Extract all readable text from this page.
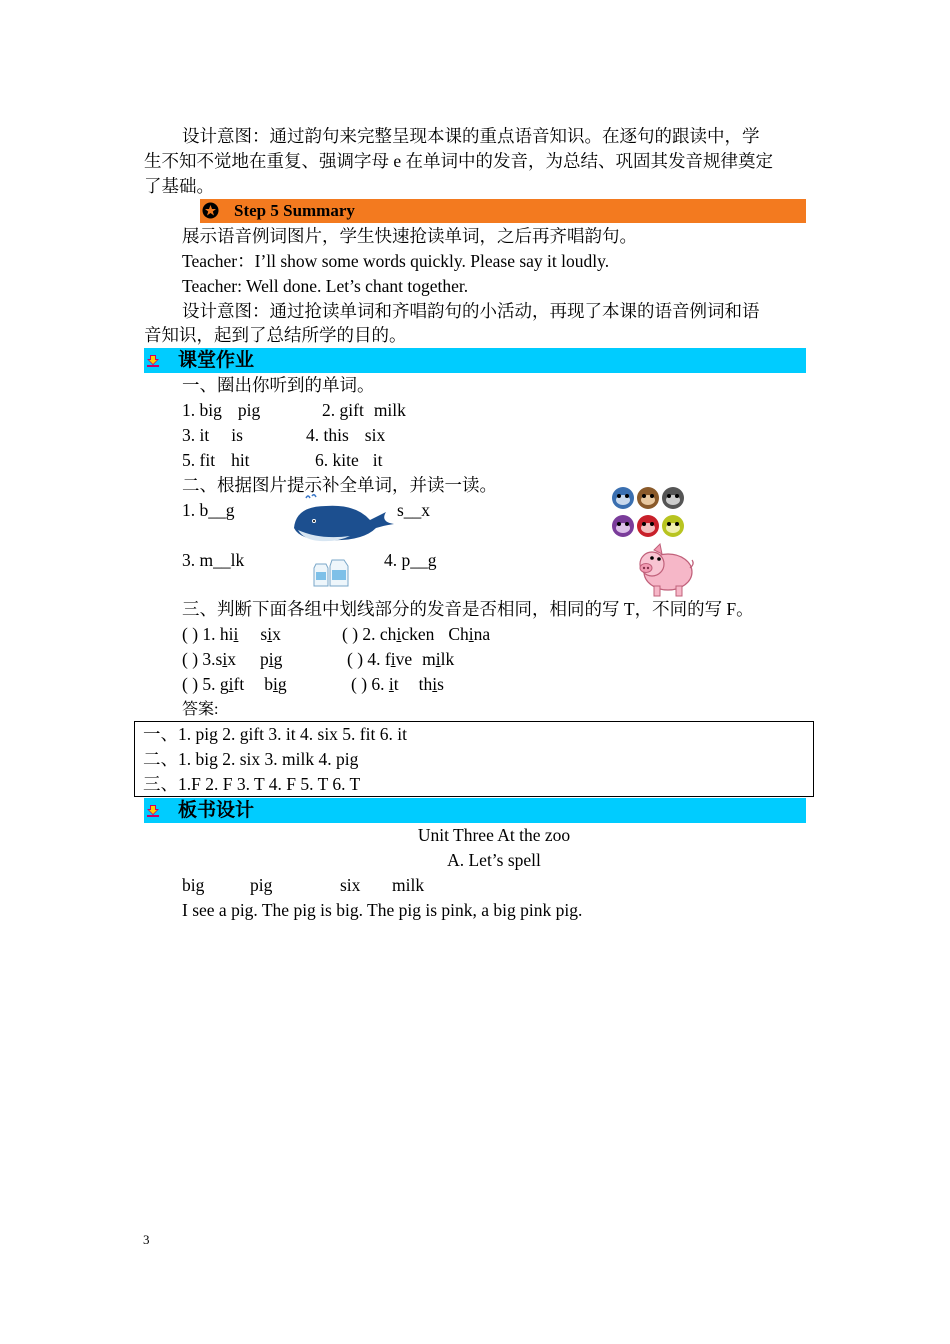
设计意图：通过韵句来完整呈现本课的重点语音知识。在逐句的跟读中，学
生不知不觉地在重复、强调字母 e 在单词中的发音，为总结、巩固其发音规律奠定
了基础。
Step 5 Summary
展示语音例词图片，学生快速抢读单词，之后再齐唱韵句。
Teacher：I’ll show some words quickly. Please say it loudly.
Teacher: Well done. Let’s chant together.
设计意图：通过抢读单词和齐唱韵句的小活动，再现了本课的语音例词和语
音知识，起到了总结所学的目的。
课堂作业
一、圈出你听到的单词。
1. big pig	2. gift milk
3. it is	4. this six
5. fit hit	6. kite it
二、根据图片提示补全单词，并读一读。
1. b__g	s__x
3. m__lk	4. p__g
三、判断下面各组中划线部分的发音是否相同，相同的写 T，不同的写 F。
( ) 1. hii six	( ) 2. chicken China
( ) 3.six pig	( ) 4. five milk
( ) 5. gift big	( ) 6. it this
答案:
一、1. pig 2. gift 3. it 4. six 5. fit 6. it
二、1. big 2. six 3. milk 4. pig
三、1.F 2. F 3. T 4. F 5. T 6. T
板书设计
Unit Three At the zoo
A. Let’s spell
big	pig	six milk
I see a pig. The pig is big. The pig is pink, a big pink pig.
3
